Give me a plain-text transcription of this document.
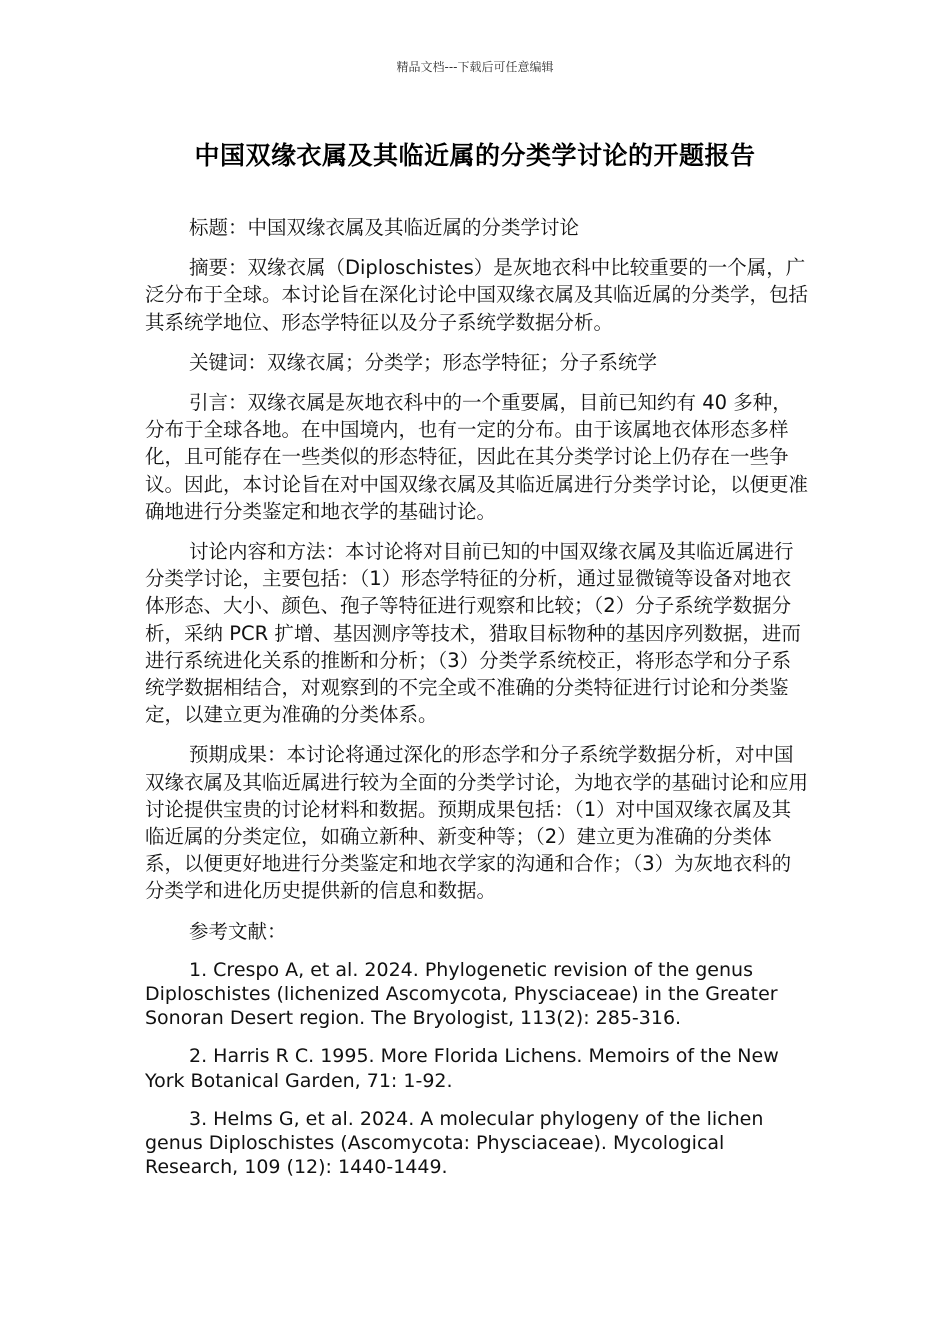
精品文档---下载后可任意编辑
中国双缘衣属及其临近属的分类学讨论的开题报告

标题：中国双缘衣属及其临近属的分类学讨论

摘要：双缘衣属（Diploschistes）是灰地衣科中比较重要的一个属，广泛分布于全球。本讨论旨在深化讨论中国双缘衣属及其临近属的分类学，包括其系统学地位、形态学特征以及分子系统学数据分析。

关键词：双缘衣属；分类学；形态学特征；分子系统学

引言：双缘衣属是灰地衣科中的一个重要属，目前已知约有 40 多种，分布于全球各地。在中国境内，也有一定的分布。由于该属地衣体形态多样化，且可能存在一些类似的形态特征，因此在其分类学讨论上仍存在一些争议。因此，本讨论旨在对中国双缘衣属及其临近属进行分类学讨论，以便更准确地进行分类鉴定和地衣学的基础讨论。

讨论内容和方法：本讨论将对目前已知的中国双缘衣属及其临近属进行分类学讨论，主要包括：（1）形态学特征的分析，通过显微镜等设备对地衣体形态、大小、颜色、孢子等特征进行观察和比较；（2）分子系统学数据分析，采纳 PCR 扩增、基因测序等技术，猎取目标物种的基因序列数据，进而进行系统进化关系的推断和分析；（3）分类学系统校正，将形态学和分子系统学数据相结合，对观察到的不完全或不准确的分类特征进行讨论和分类鉴定，以建立更为准确的分类体系。

预期成果：本讨论将通过深化的形态学和分子系统学数据分析，对中国双缘衣属及其临近属进行较为全面的分类学讨论，为地衣学的基础讨论和应用讨论提供宝贵的讨论材料和数据。预期成果包括：（1）对中国双缘衣属及其临近属的分类定位，如确立新种、新变种等；（2）建立更为准确的分类体系，以便更好地进行分类鉴定和地衣学家的沟通和合作；（3）为灰地衣科的分类学和进化历史提供新的信息和数据。

参考文献：

1. Crespo A, et al. 2024. Phylogenetic revision of the genus Diploschistes (lichenized Ascomycota, Physciaceae) in the Greater Sonoran Desert region. The Bryologist, 113(2): 285-316.

2. Harris R C. 1995. More Florida Lichens. Memoirs of the New York Botanical Garden, 71: 1-92.

3. Helms G, et al. 2024. A molecular phylogeny of the lichen genus Diploschistes (Ascomycota: Physciaceae). Mycological Research, 109 (12): 1440-1449.
